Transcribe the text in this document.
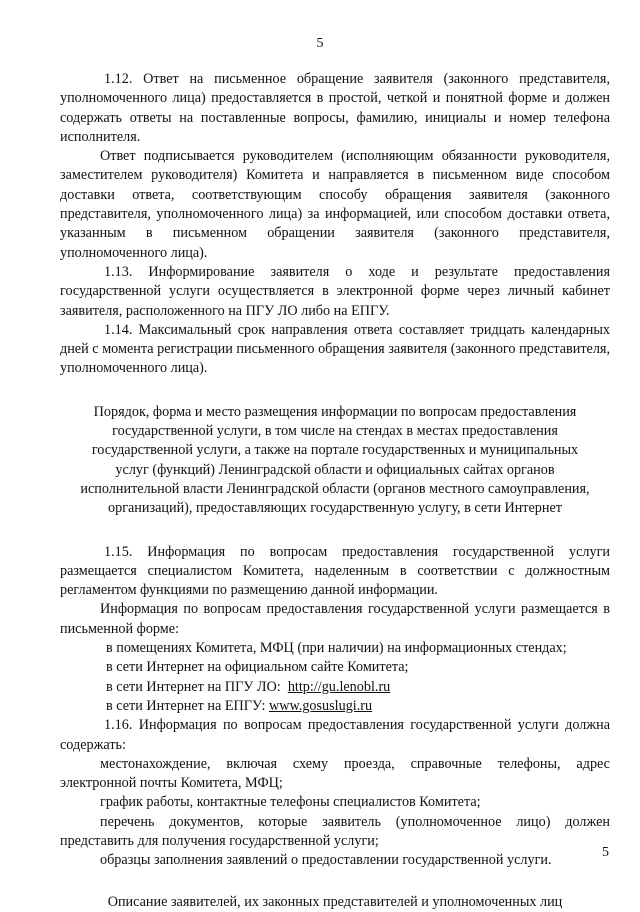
5

1.12. Ответ на письменное обращение заявителя (законного представителя, уполномоченного лица) предоставляется в простой, четкой и понятной форме и должен содержать ответы на поставленные вопросы, фамилию, инициалы и номер телефона исполнителя.

Ответ подписывается руководителем (исполняющим обязанности руководителя, заместителем руководителя) Комитета и направляется в письменном виде способом доставки ответа, соответствующим способу обращения заявителя (законного представителя, уполномоченного лица) за информацией, или способом доставки ответа, указанным в письменном обращении заявителя (законного представителя, уполномоченного лица).

1.13. Информирование заявителя о ходе и результате предоставления государственной услуги осуществляется в электронной форме через личный кабинет заявителя, расположенного на ПГУ ЛО либо на ЕПГУ.

1.14. Максимальный срок направления ответа составляет тридцать календарных дней с момента регистрации письменного обращения заявителя (законного представителя, уполномоченного лица).

Порядок, форма и место размещения информации по вопросам предоставления государственной услуги, в том числе на стендах в местах предоставления государственной услуги, а также на портале государственных и муниципальных услуг (функций) Ленинградской области и официальных сайтах органов исполнительной власти Ленинградской области (органов местного самоуправления, организаций), предоставляющих государственную услугу, в сети Интернет

1.15. Информация по вопросам предоставления государственной услуги размещается специалистом Комитета, наделенным в соответствии с должностным регламентом функциями по размещению данной информации.

Информация по вопросам предоставления государственной услуги размещается в письменной форме:

в помещениях Комитета, МФЦ (при наличии) на информационных стендах;

в сети Интернет на официальном сайте Комитета;

в сети Интернет на ПГУ ЛО: http://gu.lenobl.ru

в сети Интернет на ЕПГУ: www.gosuslugi.ru

1.16. Информация по вопросам предоставления государственной услуги должна содержать:

местонахождение, включая схему проезда, справочные телефоны, адрес электронной почты Комитета, МФЦ;

график работы, контактные телефоны специалистов Комитета;

перечень документов, которые заявитель (уполномоченное лицо) должен представить для получения государственной услуги;

образцы заполнения заявлений о предоставлении государственной услуги.

Описание заявителей, их законных представителей и уполномоченных лиц

5
